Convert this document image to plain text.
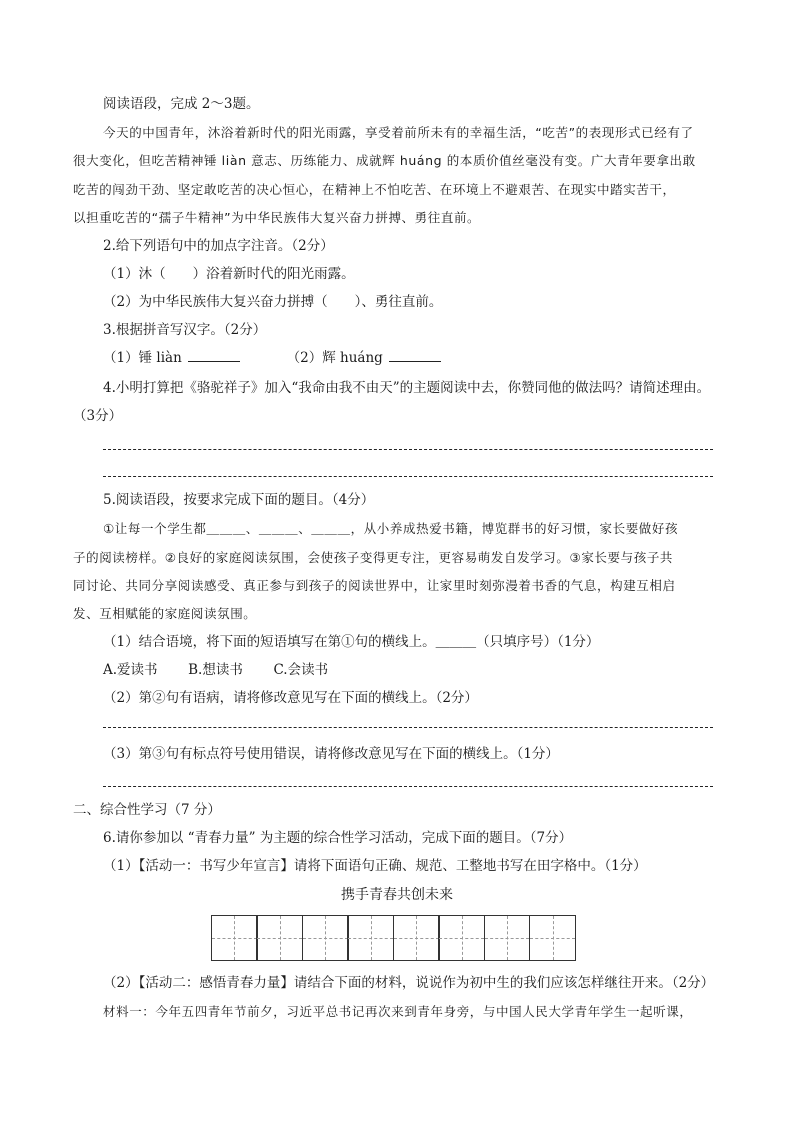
阅读语段，完成 2～3题。
今天的中国青年，沐浴着新时代的阳光雨露，享受着前所未有的幸福生活，“吃苦”的表现形式已经有了
很大变化，但吃苦精神锤 liàn 意志、历练能力、成就辉 huáng 的本质价值丝毫没有变。广大青年要拿出敢
吃苦的闯劲干劲、坚定敢吃苦的决心恒心，在精神上不怕吃苦、在环境上不避艰苦、在现实中踏实苦干，
以担重吃苦的“孺子牛精神”为中华民族伟大复兴奋力拼搏、勇往直前。
2.给下列语句中的加点字注音。（2分）
（1）沐（　　）浴着新时代的阳光雨露。
（2）为中华民族伟大复兴奋力拼搏（　　）、勇往直前。
3.根据拼音写汉字。（2分）
（1）锤 liàn	（2）辉 huáng
4.小明打算把《骆驼祥子》加入“我命由我不由天”的主题阅读中去，你赞同他的做法吗？请简述理由。
（3分）
5.阅读语段，按要求完成下面的题目。（4分）
①让每一个学生都＿＿＿、＿＿＿、＿＿＿，从小养成热爱书籍，博览群书的好习惯，家长要做好孩
子的阅读榜样。②良好的家庭阅读氛围，会使孩子变得更专注，更容易萌发自发学习。③家长要与孩子共
同讨论、共同分享阅读感受、真正参与到孩子的阅读世界中，让家里时刻弥漫着书香的气息，构建互相启
发、互相赋能的家庭阅读氛围。
（1）结合语境，将下面的短语填写在第①句的横线上。＿＿＿（只填序号）（1分）
A.爱读书 B.想读书 C.会读书
（2）第②句有语病，请将修改意见写在下面的横线上。（2分）
（3）第③句有标点符号使用错误，请将修改意见写在下面的横线上。（1分）
二、综合性学习（7 分）
6.请你参加以 “青春力量” 为主题的综合性学习活动，完成下面的题目。（7分）
（1）【活动一：书写少年宣言】请将下面语句正确、规范、工整地书写在田字格中。（1分）
携手青春共创未来
（2）【活动二：感悟青春力量】请结合下面的材料，说说作为初中生的我们应该怎样继往开来。（2分）
材料一：今年五四青年节前夕，习近平总书记再次来到青年身旁，与中国人民大学青年学生一起听课，
